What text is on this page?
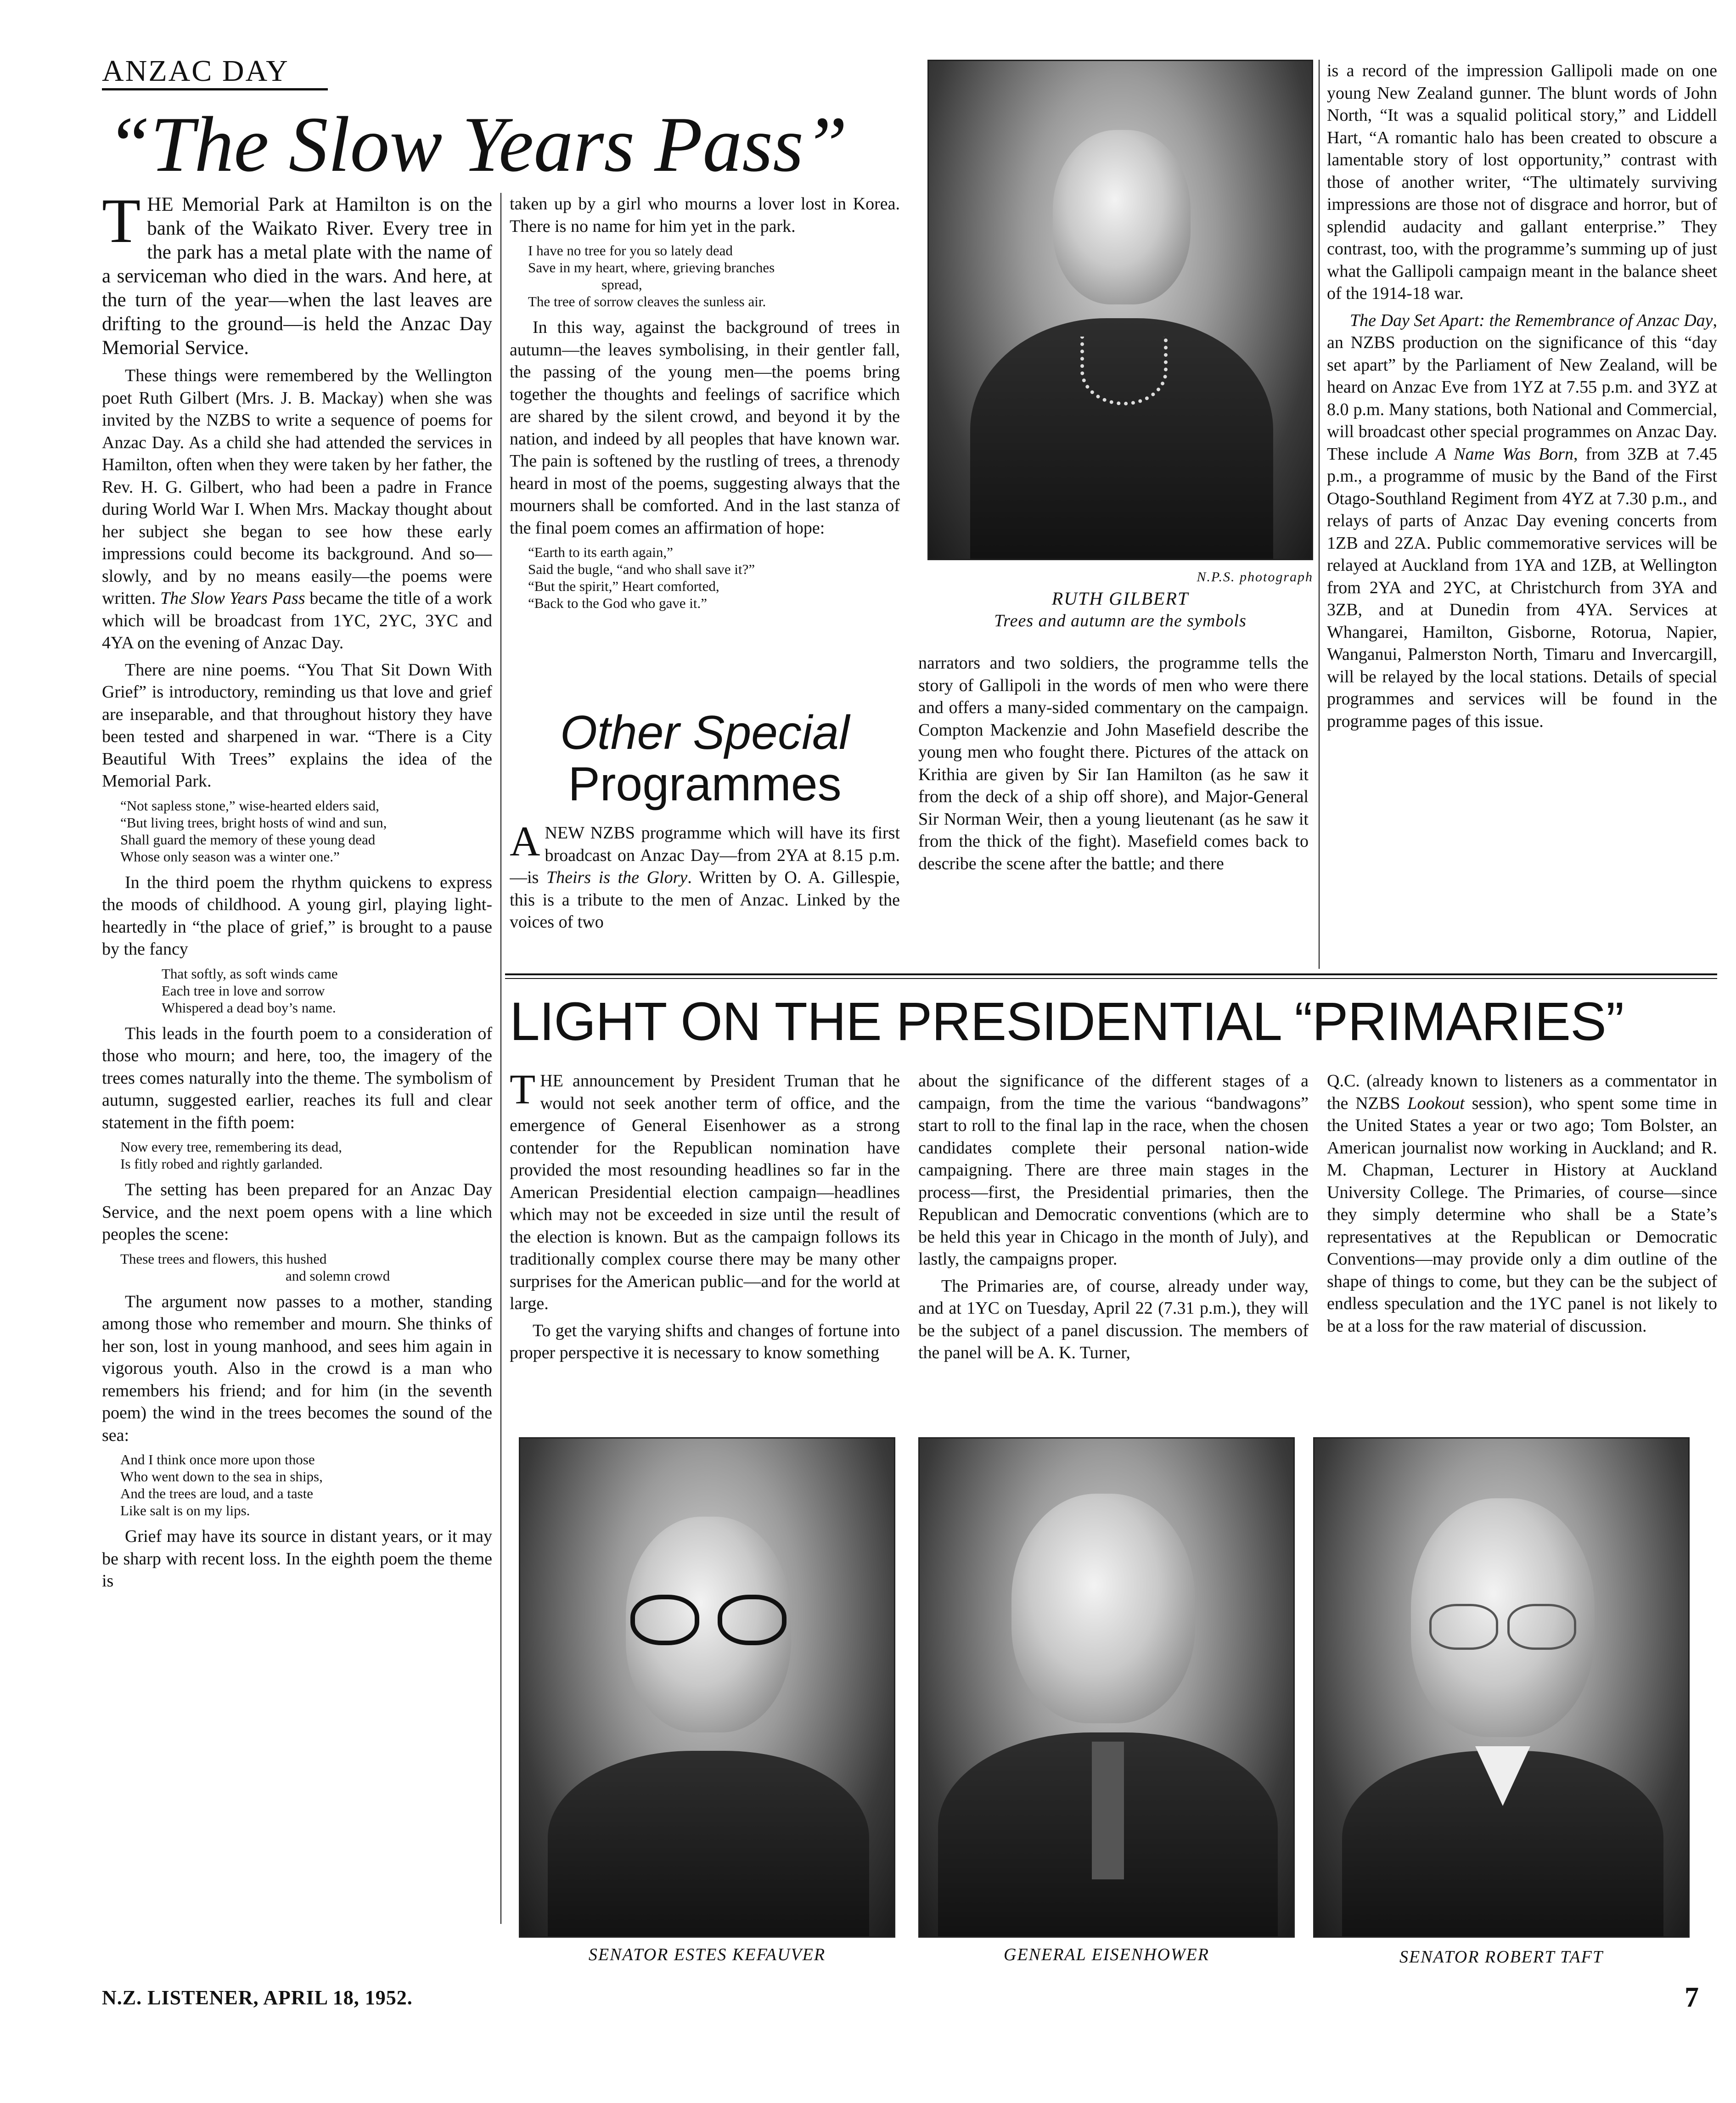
ANZAC DAY
“The Slow Years Pass”

THE Memorial Park at Hamilton is on the bank of the Waikato River. Every tree in the park has a metal plate with the name of a serviceman who died in the wars. And here, at the turn of the year—when the last leaves are drifting to the ground—is held the Anzac Day Memorial Service.

These things were remembered by the Wellington poet Ruth Gilbert (Mrs. J. B. Mackay) when she was invited by the NZBS to write a sequence of poems for Anzac Day. As a child she had attended the services in Hamilton, often when they were taken by her father, the Rev. H. G. Gilbert, who had been a padre in France during World War I. When Mrs. Mackay thought about her subject she began to see how these early impressions could become its background. And so—slowly, and by no means easily—the poems were written. The Slow Years Pass became the title of a work which will be broadcast from 1YC, 2YC, 3YC and 4YA on the evening of Anzac Day.

There are nine poems. “You That Sit Down With Grief” is introductory, reminding us that love and grief are inseparable, and that throughout history they have been tested and sharpened in war. “There is a City Beautiful With Trees” explains the idea of the Memorial Park.

“Not sapless stone,” wise-hearted elders said,
“But living trees, bright hosts of wind and sun,
Shall guard the memory of these young dead
Whose only season was a winter one.”

In the third poem the rhythm quickens to express the moods of childhood. A young girl, playing light-heartedly in “the place of grief,” is brought to a pause by the fancy

That softly, as soft winds came
Each tree in love and sorrow
Whispered a dead boy’s name.

This leads in the fourth poem to a consideration of those who mourn; and here, too, the imagery of the trees comes naturally into the theme. The symbolism of autumn, suggested earlier, reaches its full and clear statement in the fifth poem:

Now every tree, remembering its dead,
Is fitly robed and rightly garlanded.

The setting has been prepared for an Anzac Day Service, and the next poem opens with a line which peoples the scene:

These trees and flowers, this hushed
and solemn crowd

The argument now passes to a mother, standing among those who remember and mourn. She thinks of her son, lost in young manhood, and sees him again in vigorous youth. Also in the crowd is a man who remembers his friend; and for him (in the seventh poem) the wind in the trees becomes the sound of the sea:

And I think once more upon those
Who went down to the sea in ships,
And the trees are loud, and a taste
Like salt is on my lips.

Grief may have its source in distant years, or it may be sharp with recent loss. In the eighth poem the theme is

taken up by a girl who mourns a lover lost in Korea. There is no name for him yet in the park.

I have no tree for you so lately dead
Save in my heart, where, grieving branches
spread,
The tree of sorrow cleaves the sunless air.

In this way, against the background of trees in autumn—the leaves symbolising, in their gentler fall, the passing of the young men—the poems bring together the thoughts and feelings of sacrifice which are shared by the silent crowd, and beyond it by the nation, and indeed by all peoples that have known war. The pain is softened by the rustling of trees, a threnody heard in most of the poems, suggesting always that the mourners shall be comforted. And in the last stanza of the final poem comes an affirmation of hope:

“Earth to its earth again,”
Said the bugle, “and who shall save it?”
“But the spirit,” Heart comforted,
“Back to the God who gave it.”
Other Special
Programmes

A NEW NZBS programme which will have its first broadcast on Anzac Day—from 2YA at 8.15 p.m.—is Theirs is the Glory. Written by O. A. Gillespie, this is a tribute to the men of Anzac. Linked by the voices of two

N.P.S. photograph
RUTH GILBERT
Trees and autumn are the symbols

narrators and two soldiers, the programme tells the story of Gallipoli in the words of men who were there and offers a many-sided commentary on the campaign. Compton Mackenzie and John Masefield describe the young men who fought there. Pictures of the attack on Krithia are given by Sir Ian Hamilton (as he saw it from the deck of a ship off shore), and Major-General Sir Norman Weir, then a young lieutenant (as he saw it from the thick of the fight). Masefield comes back to describe the scene after the battle; and there

is a record of the impression Gallipoli made on one young New Zealand gunner. The blunt words of John North, “It was a squalid political story,” and Liddell Hart, “A romantic halo has been created to obscure a lamentable story of lost opportunity,” contrast with those of another writer, “The ultimately surviving impressions are those not of disgrace and horror, but of splendid audacity and gallant enterprise.” They contrast, too, with the programme’s summing up of just what the Gallipoli campaign meant in the balance sheet of the 1914-18 war.

The Day Set Apart: the Remembrance of Anzac Day, an NZBS production on the significance of this “day set apart” by the Parliament of New Zealand, will be heard on Anzac Eve from 1YZ at 7.55 p.m. and 3YZ at 8.0 p.m. Many stations, both National and Commercial, will broadcast other special programmes on Anzac Day. These include A Name Was Born, from 3ZB at 7.45 p.m., a programme of music by the Band of the First Otago-Southland Regiment from 4YZ at 7.30 p.m., and relays of parts of Anzac Day evening concerts from 1ZB and 2ZA. Public commemorative services will be relayed at Auckland from 1YA and 1ZB, at Wellington from 2YA and 2YC, at Christchurch from 3YA and 3ZB, and at Dunedin from 4YA. Services at Whangarei, Hamilton, Gisborne, Rotorua, Napier, Wanganui, Palmerston North, Timaru and Invercargill, will be relayed by the local stations. Details of special programmes and services will be found in the programme pages of this issue.

LIGHT ON THE PRESIDENTIAL “PRIMARIES”

THE announcement by President Truman that he would not seek another term of office, and the emergence of General Eisenhower as a strong contender for the Republican nomination have provided the most resounding headlines so far in the American Presidential election campaign—headlines which may not be exceeded in size until the result of the election is known. But as the campaign follows its traditionally complex course there may be many other surprises for the American public—and for the world at large.

To get the varying shifts and changes of fortune into proper perspective it is necessary to know something

about the significance of the different stages of a campaign, from the time the various “bandwagons” start to roll to the final lap in the race, when the chosen candidates complete their personal nation-wide campaigning. There are three main stages in the process—first, the Presidential primaries, then the Republican and Democratic conventions (which are to be held this year in Chicago in the month of July), and lastly, the campaigns proper.

The Primaries are, of course, already under way, and at 1YC on Tuesday, April 22 (7.31 p.m.), they will be the subject of a panel discussion. The members of the panel will be A. K. Turner,

Q.C. (already known to listeners as a commentator in the NZBS Lookout session), who spent some time in the United States a year or two ago; Tom Bolster, an American journalist now working in Auckland; and R. M. Chapman, Lecturer in History at Auckland University College. The Primaries, of course—since they simply determine who shall be a State’s representatives at the Republican or Democratic Conventions—may provide only a dim outline of the shape of things to come, but they can be the subject of endless speculation and the 1YC panel is not likely to be at a loss for the raw material of discussion.

SENATOR ESTES KEFAUVER	GENERAL EISENHOWER	SENATOR ROBERT TAFT
N.Z. LISTENER, APRIL 18, 1952.	7
